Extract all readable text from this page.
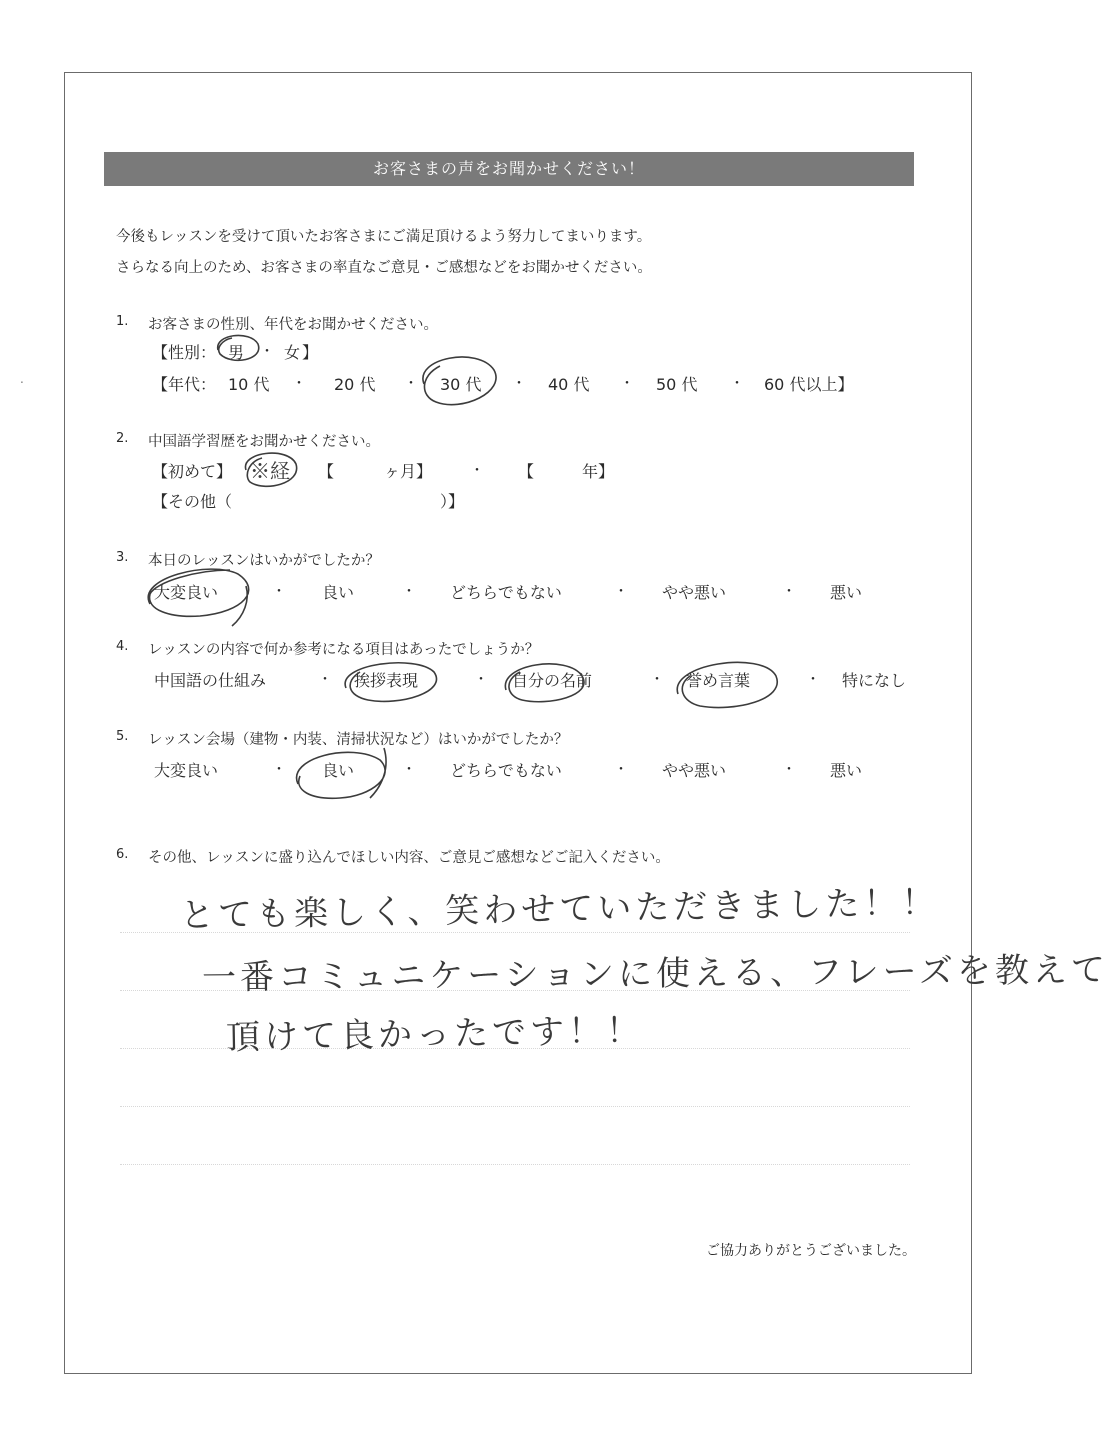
お客さまの声をお聞かせください！
今後もレッスンを受けて頂いたお客さまにご満足頂けるよう努力してまいります。
さらなる向上のため、お客さまの率直なご意見・ご感想などをお聞かせください。
.
1. お客さまの性別、年代をお聞かせください。
【性別： 男 ・ 女 】
【年代： 10 代 ・ 20 代 ・ 30 代 ・ 40 代 ・ 50 代 ・ 60 代以上】
2. 中国語学習歴をお聞かせください。
【初めて】 ※経 【	ヶ月】	・ 【	年】
【その他（	）】
3. 本日のレッスンはいかがでしたか？
大変良い	・ 良い	・ どちらでもない	・ やや悪い	・ 悪い
4. レッスンの内容で何か参考になる項目はあったでしょうか？
中国語の仕組み	・ 挨拶表現	・ 自分の名前	・ 誉め言葉	・ 特になし
5. レッスン会場（建物・内装、清掃状況など）はいかがでしたか？
大変良い	・ 良い	・ どちらでもない	・ やや悪い	・ 悪い
6. その他、レッスンに盛り込んでほしい内容、ご意見ご感想などご記入ください。
とても楽しく、笑わせていただきました！！
一番コミュニケーションに使える、フレーズを教えて
頂けて良かったです！！
ご協力ありがとうございました。
